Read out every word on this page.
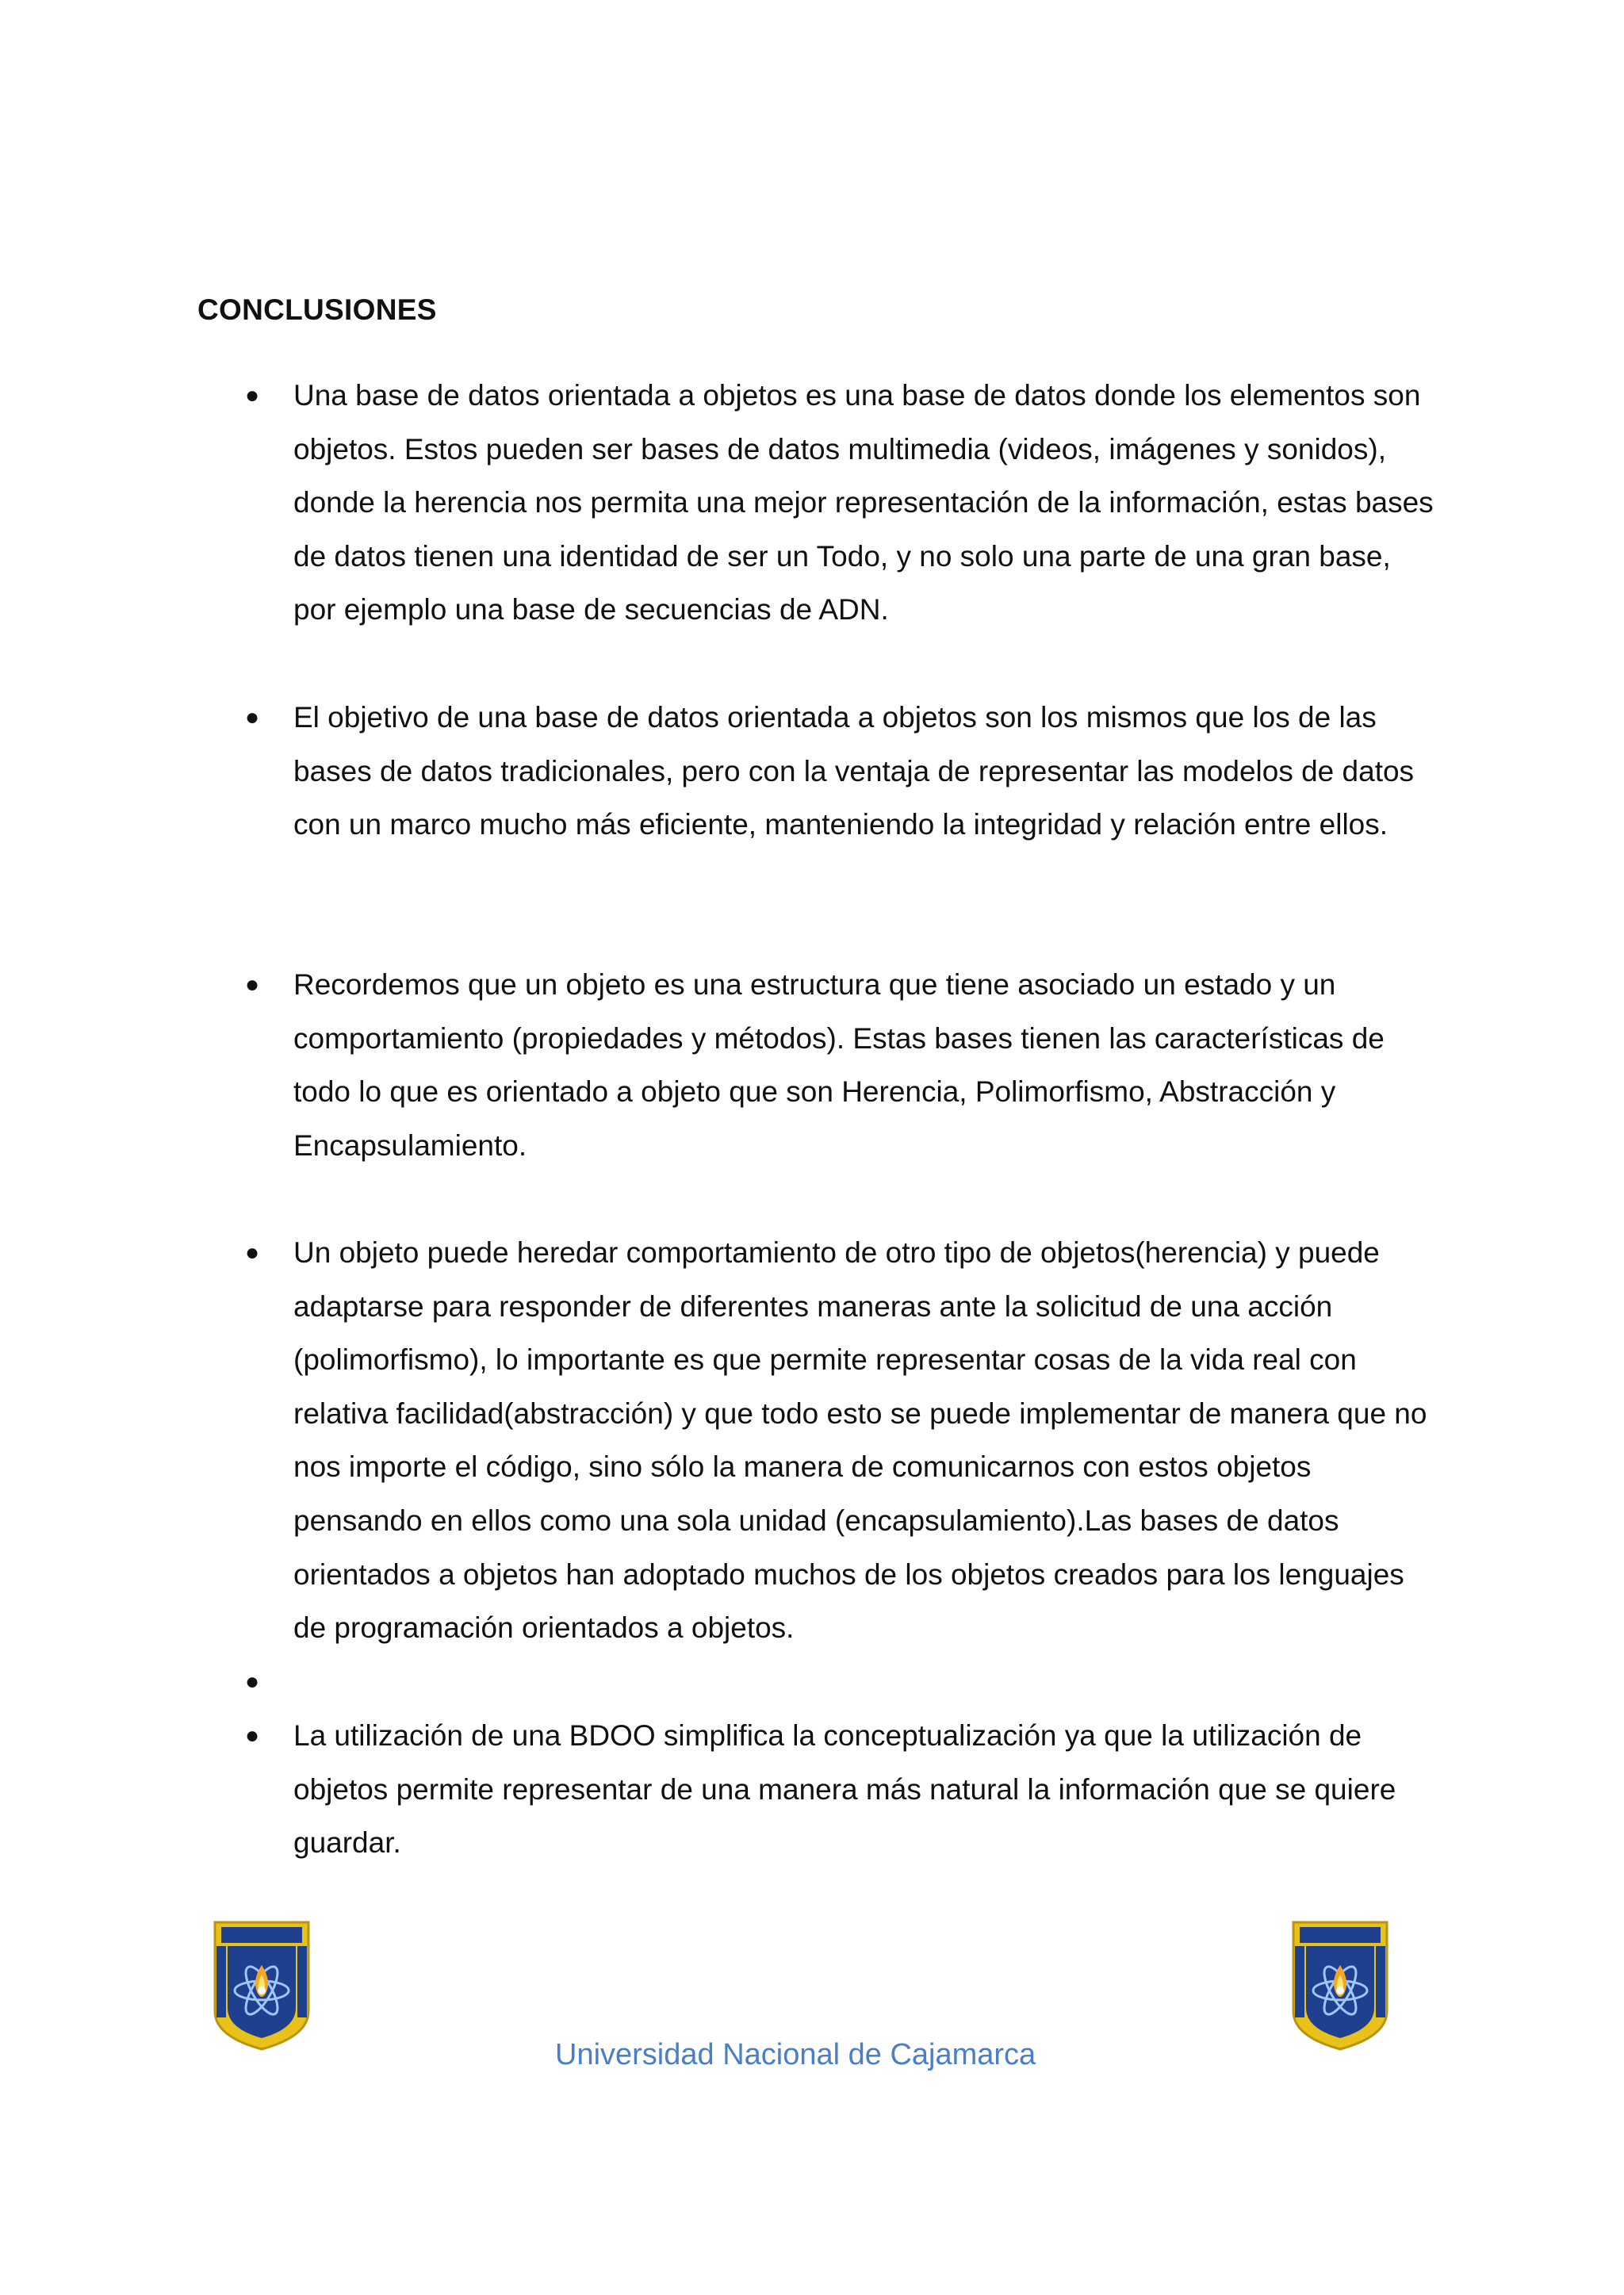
CONCLUSIONES
● Una base de datos orientada a objetos es una base de datos donde los elementos son objetos. Estos pueden ser bases de datos multimedia (videos, imágenes y sonidos), donde la herencia nos permita una mejor representación de la información, estas bases de datos tienen una identidad de ser un Todo, y no solo una parte de una gran base, por ejemplo una base de secuencias de ADN.
● El objetivo de una base de datos orientada a objetos son los mismos que los de las bases de datos tradicionales, pero con la ventaja de representar las modelos de datos con un marco mucho más eficiente, manteniendo la integridad y relación entre ellos.
● Recordemos que un objeto es una estructura que tiene asociado un estado y un comportamiento (propiedades y métodos). Estas bases tienen las características de todo lo que es orientado a objeto que son Herencia, Polimorfismo, Abstracción y Encapsulamiento.
● Un objeto puede heredar comportamiento de otro tipo de objetos(herencia) y puede adaptarse para responder de diferentes maneras ante la solicitud de una acción (polimorfismo), lo importante es que permite representar cosas de la vida real con relativa facilidad(abstracción) y que todo esto se puede implementar de manera que no nos importe el código, sino sólo la manera de comunicarnos con estos objetos pensando en ellos como una sola unidad (encapsulamiento).Las bases de datos orientados a objetos han adoptado muchos de los objetos creados para los lenguajes de programación orientados a objetos.
●
● La utilización de una BDOO simplifica la conceptualización ya que la utilización de objetos permite representar de una manera más natural la información que se quiere guardar.
Universidad Nacional de Cajamarca
